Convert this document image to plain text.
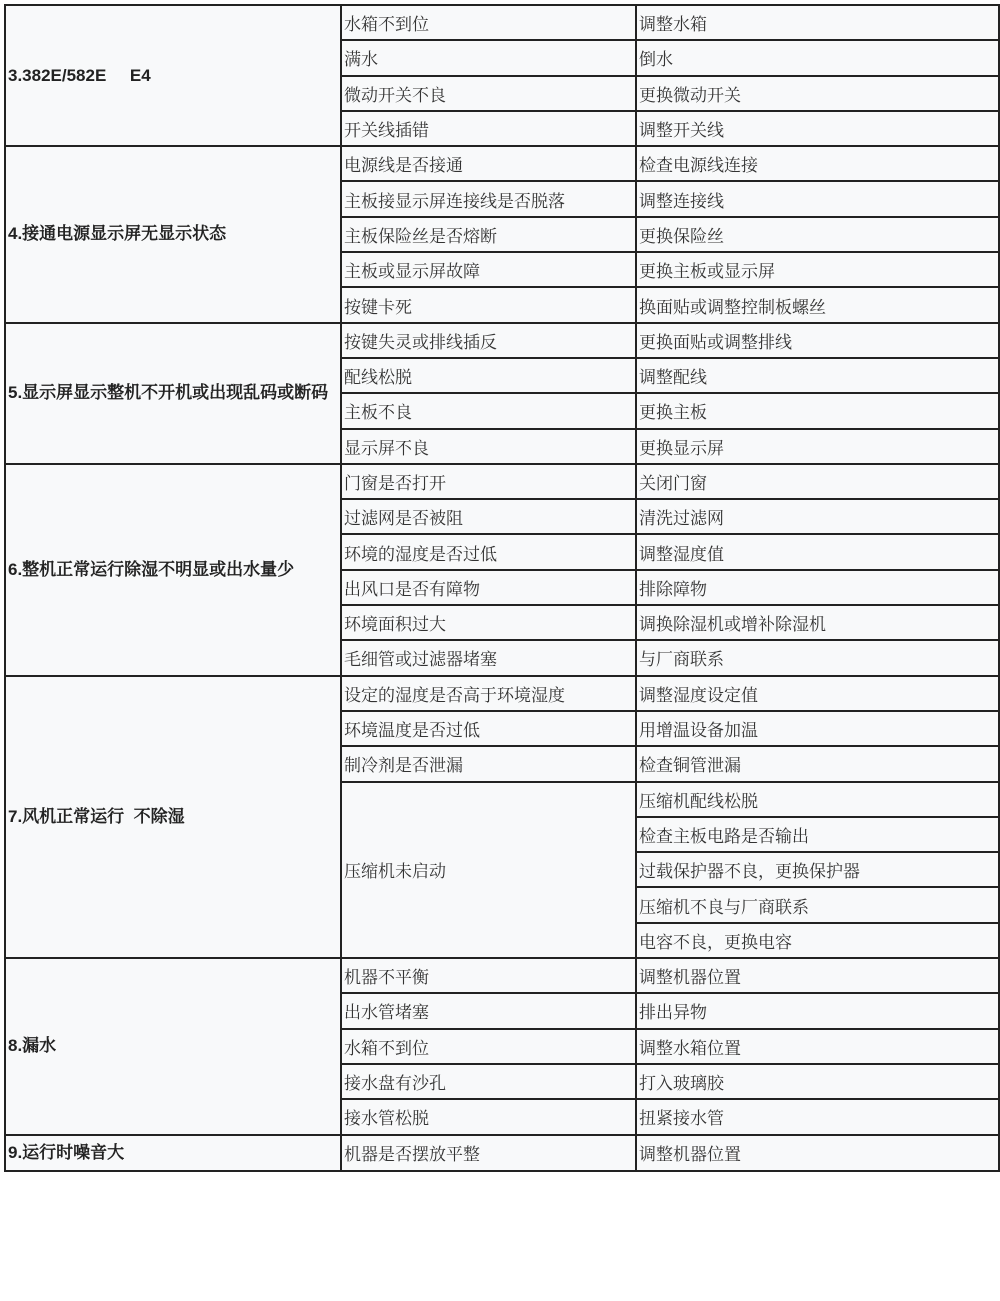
3.382E/582E     E4	水箱不到位	调整水箱
	满水	倒水
	微动开关不良	更换微动开关
	开关线插错	调整开关线
4.接通电源显示屏无显示状态	电源线是否接通	检查电源线连接
	主板接显示屏连接线是否脱落	调整连接线
	主板保险丝是否熔断	更换保险丝
	主板或显示屏故障	更换主板或显示屏
	按键卡死	换面贴或调整控制板螺丝
5.显示屏显示整机不开机或出现乱码或断码	按键失灵或排线插反	更换面贴或调整排线
	配线松脱	调整配线
	主板不良	更换主板
	显示屏不良	更换显示屏
6.整机正常运行除湿不明显或出水量少	门窗是否打开	关闭门窗
	过滤网是否被阻	清洗过滤网
	环境的湿度是否过低	调整湿度值
	出风口是否有障物	排除障物
	环境面积过大	调换除湿机或增补除湿机
	毛细管或过滤器堵塞	与厂商联系
7.风机正常运行  不除湿	设定的湿度是否高于环境湿度	调整湿度设定值
	环境温度是否过低	用增温设备加温
	制冷剂是否泄漏	检查铜管泄漏
	压缩机未启动	压缩机配线松脱
		检查主板电路是否输出
		过载保护器不良，更换保护器
		压缩机不良与厂商联系
		电容不良，更换电容
8.漏水	机器不平衡	调整机器位置
	出水管堵塞	排出异物
	水箱不到位	调整水箱位置
	接水盘有沙孔	打入玻璃胶
	接水管松脱	扭紧接水管
9.运行时噪音大	机器是否摆放平整	调整机器位置
